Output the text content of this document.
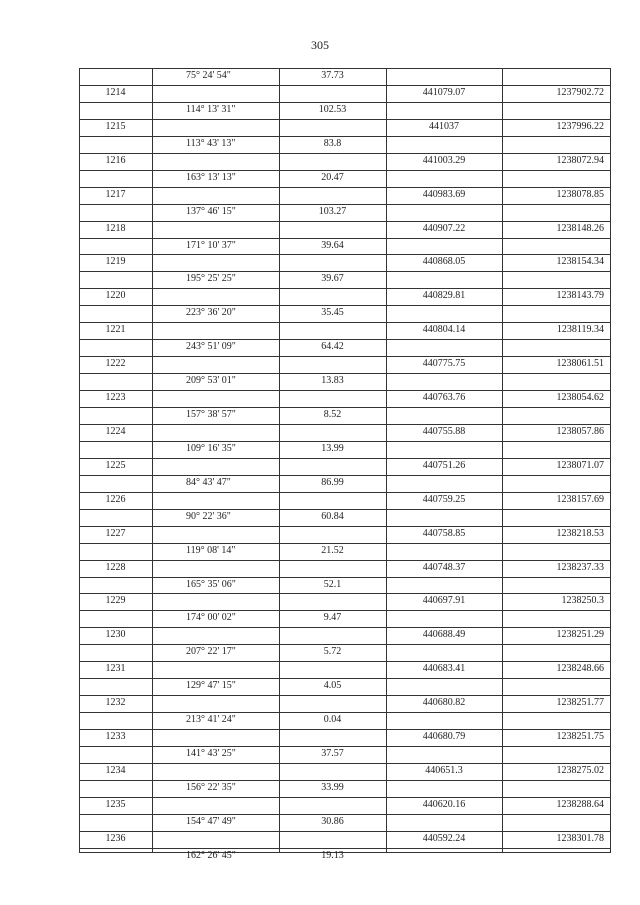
305
75° 24' 54"	37.73
1214	441079.07	1237902.72
114° 13' 31"	102.53
1215	441037	1237996.22
113° 43' 13"	83.8
1216	441003.29	1238072.94
163° 13' 13"	20.47
1217	440983.69	1238078.85
137° 46' 15"	103.27
1218	440907.22	1238148.26
171° 10' 37"	39.64
1219	440868.05	1238154.34
195° 25' 25"	39.67
1220	440829.81	1238143.79
223° 36' 20"	35.45
1221	440804.14	1238119.34
243° 51' 09"	64.42
1222	440775.75	1238061.51
209° 53' 01"	13.83
1223	440763.76	1238054.62
157° 38' 57"	8.52
1224	440755.88	1238057.86
109° 16' 35"	13.99
1225	440751.26	1238071.07
84° 43' 47"	86.99
1226	440759.25	1238157.69
90° 22' 36"	60.84
1227	440758.85	1238218.53
119° 08' 14"	21.52
1228	440748.37	1238237.33
165° 35' 06"	52.1
1229	440697.91	1238250.3
174° 00' 02"	9.47
1230	440688.49	1238251.29
207° 22' 17"	5.72
1231	440683.41	1238248.66
129° 47' 15"	4.05
1232	440680.82	1238251.77
213° 41' 24"	0.04
1233	440680.79	1238251.75
141° 43' 25"	37.57
1234	440651.3	1238275.02
156° 22' 35"	33.99
1235	440620.16	1238288.64
154° 47' 49"	30.86
1236	440592.24	1238301.78
162° 26' 45"	19.13
